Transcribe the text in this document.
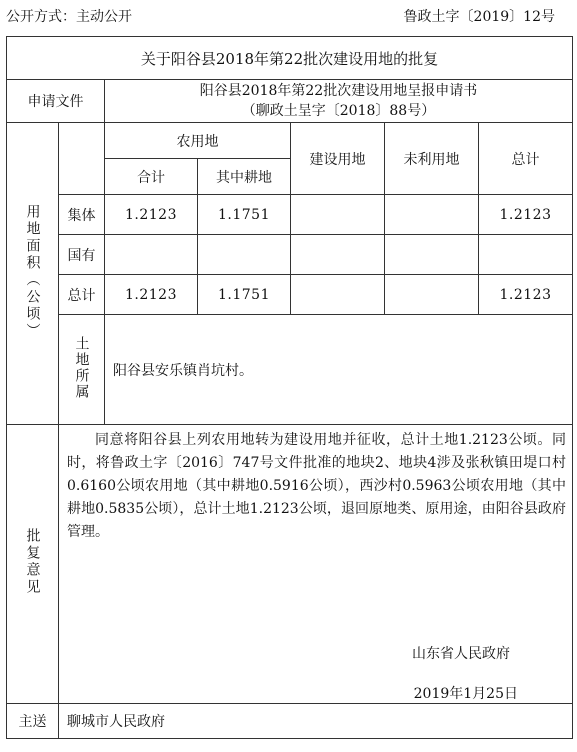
公开方式：主动公开	鲁政土字〔2019〕12号
关于阳谷县2018年第22批次建设用地的批复						
申请文件		阳谷县2018年第22批次建设用地呈报申请书
（聊政土呈字〔2018〕88号）				

用地面积（公顷）		农用地		建设用地	未利用地	总计
		合计	其中耕地			
	集体	1.2123	1.1751			1.2123
	国有					
	总计	1.2123	1.1751			1.2123
	土地所属	阳谷县安乐镇肖坑村。				
批复意见	同意将阳谷县上列农用地转为建设用地并征收，总计土地1.2123公顷。同时，将鲁政土字〔2016〕747号文件批准的地块2、地块4涉及张秋镇田堤口村0.6160公顷农用地（其中耕地0.5916公顷），西沙村0.5963公顷农用地（其中耕地0.5835公顷），总计土地1.2123公顷，退回原地类、原用途，由阳谷县政府管理。
山东省人民政府
2019年1月25日					

主送	聊城市人民政府					
